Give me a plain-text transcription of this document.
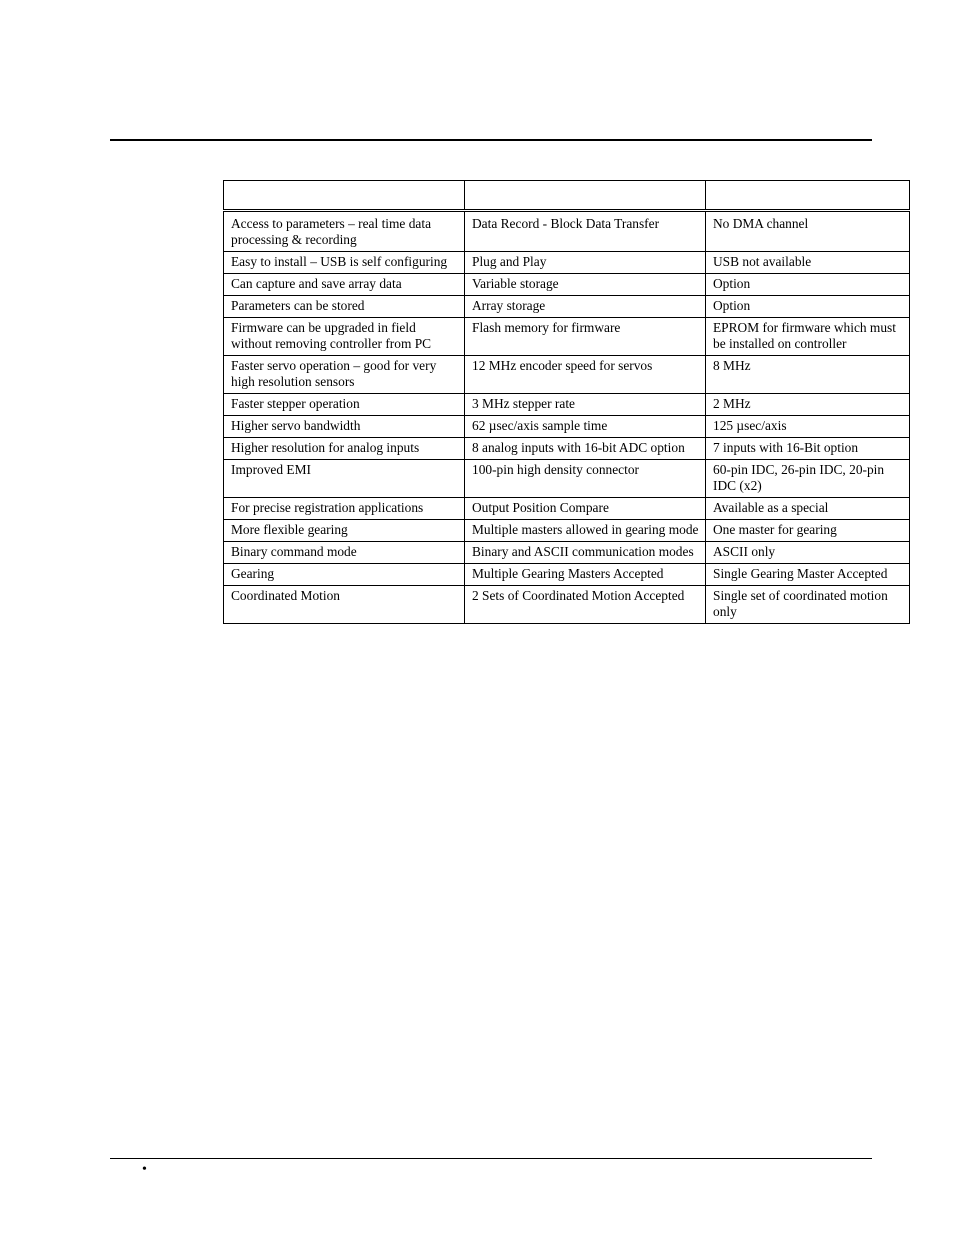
Access to parameters – real time data processing & recording	Data Record - Block Data Transfer	No DMA channel
Easy to install – USB is self configuring	Plug and Play	USB not available
Can capture and save array data	Variable storage	Option
Parameters can be stored	Array storage	Option
Firmware can be upgraded in field without removing controller from PC	Flash memory for firmware	EPROM for firmware which must be installed on controller
Faster servo operation – good for very high resolution sensors	12 MHz encoder speed for servos	8 MHz
Faster stepper operation	3 MHz stepper rate	2 MHz
Higher servo bandwidth	62 µsec/axis sample time	125 µsec/axis
Higher resolution for analog inputs	8 analog inputs with 16-bit ADC option	7 inputs with 16-Bit option
Improved EMI	100-pin high density connector	60-pin IDC, 26-pin IDC, 20-pin IDC (x2)
For precise registration applications	Output Position Compare	Available as a special
More flexible gearing	Multiple masters allowed in gearing mode	One master for gearing
Binary command mode	Binary and ASCII communication modes	ASCII only
Gearing	Multiple Gearing Masters Accepted	Single Gearing Master Accepted
Coordinated Motion	2 Sets of Coordinated Motion Accepted	Single set of coordinated motion only
•
